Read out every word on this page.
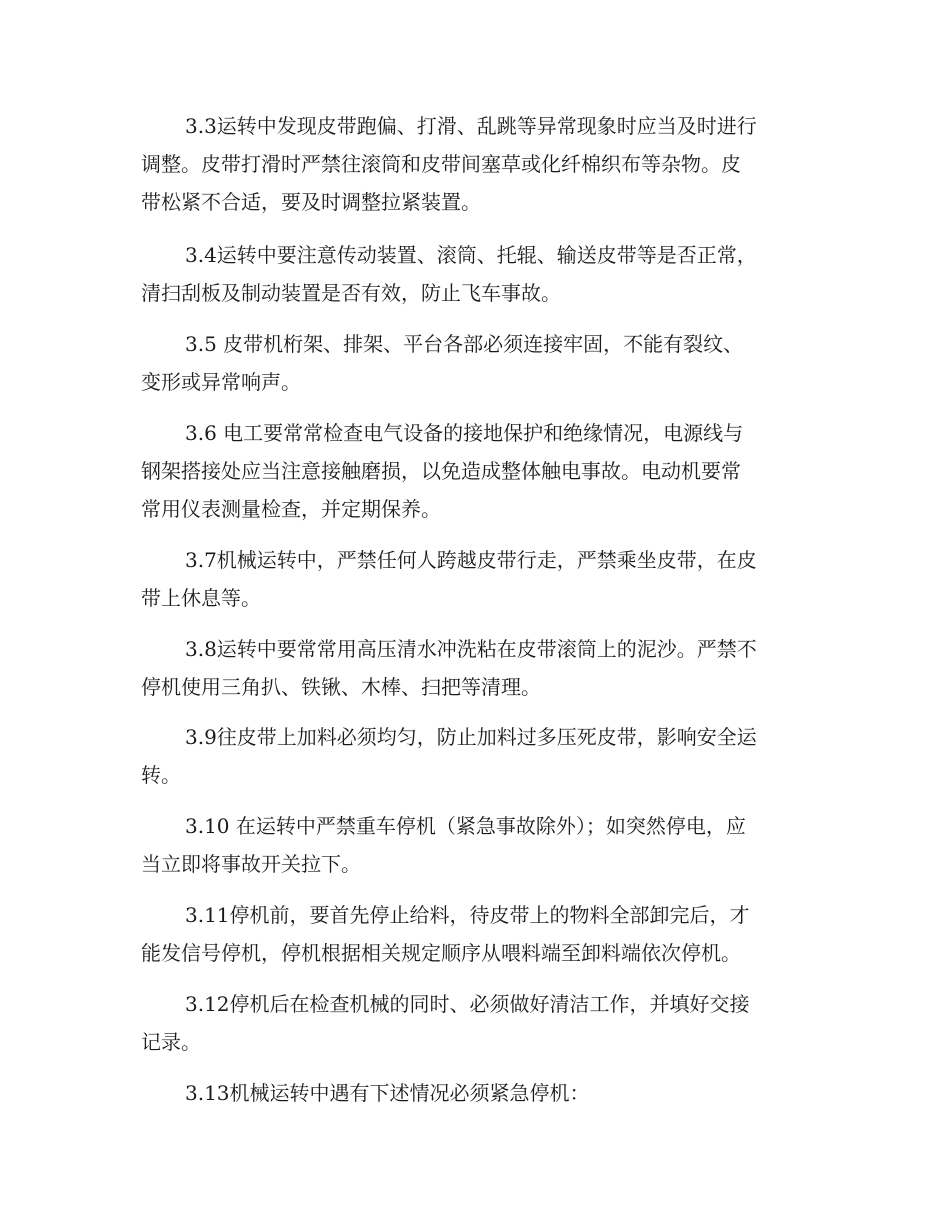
3.3运转中发现皮带跑偏、打滑、乱跳等异常现象时应当及时进行
调整。皮带打滑时严禁往滚筒和皮带间塞草或化纤棉织布等杂物。皮
带松紧不合适，要及时调整拉紧装置。
3.4运转中要注意传动装置、滚筒、托辊、输送皮带等是否正常，
清扫刮板及制动装置是否有效，防止飞车事故。
3.5 皮带机桁架、排架、平台各部必须连接牢固，不能有裂纹、
变形或异常响声。
3.6 电工要常常检查电气设备的接地保护和绝缘情况，电源线与
钢架搭接处应当注意接触磨损，以免造成整体触电事故。电动机要常
常用仪表测量检查，并定期保养。
3.7机械运转中，严禁任何人跨越皮带行走，严禁乘坐皮带，在皮
带上休息等。
3.8运转中要常常用高压清水冲洗粘在皮带滚筒上的泥沙。严禁不
停机使用三角扒、铁锹、木棒、扫把等清理。
3.9往皮带上加料必须均匀，防止加料过多压死皮带，影响安全运
转。
3.10 在运转中严禁重车停机（紧急事故除外）；如突然停电，应
当立即将事故开关拉下。
3.11停机前，要首先停止给料，待皮带上的物料全部卸完后，才
能发信号停机，停机根据相关规定顺序从喂料端至卸料端依次停机。
3.12停机后在检查机械的同时、必须做好清洁工作，并填好交接
记录。
3.13机械运转中遇有下述情况必须紧急停机：
